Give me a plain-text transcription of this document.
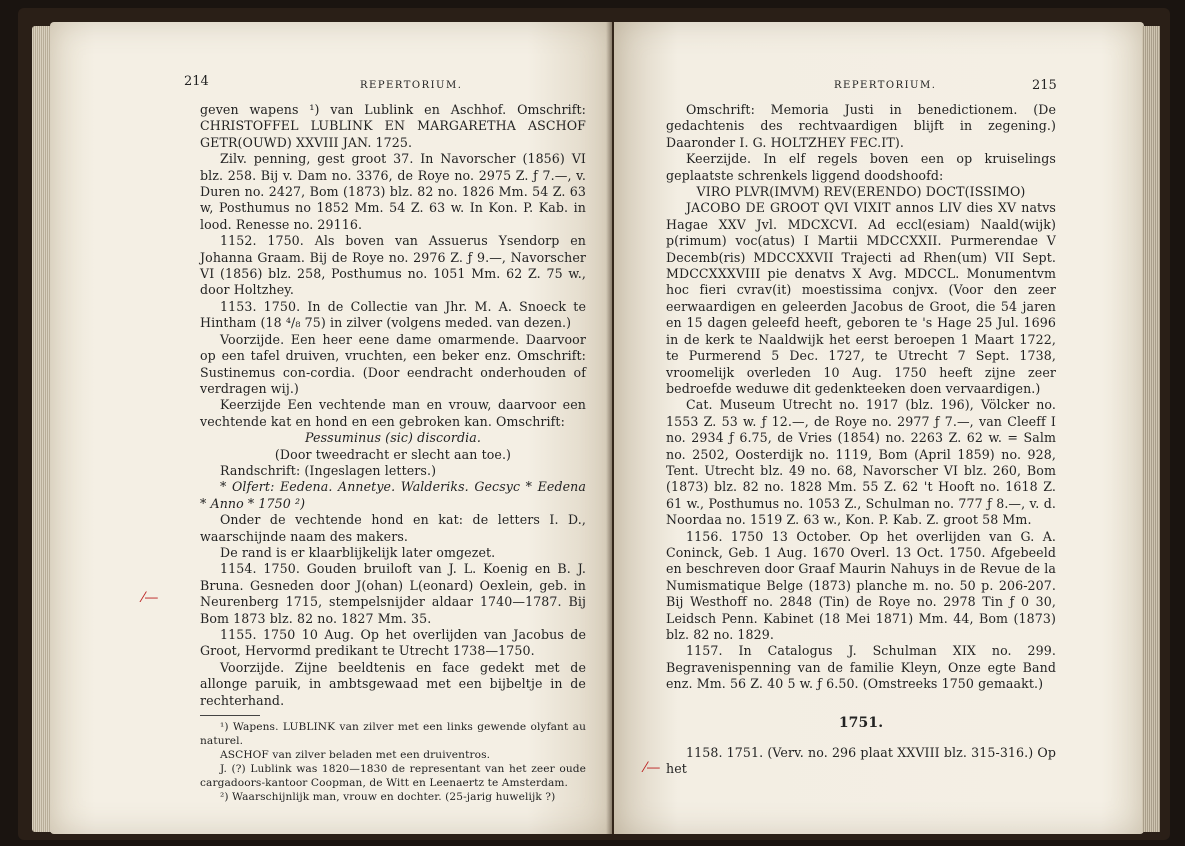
214	REPERTORIUM.

geven wapens ¹) van Lublink en Aschhof. Omschrift: CHRISTOFFEL LUBLINK EN MARGARETHA ASCHOF GETR(OUWD) XXVIII JAN. 1725.

Zilv. penning, gest groot 37. In Navorscher (1856) VI blz. 258. Bij v. Dam no. 3376, de Roye no. 2975 Z. ƒ 7.—, v. Duren no. 2427, Bom (1873) blz. 82 no. 1826 Mm. 54 Z. 63 w, Posthumus no 1852 Mm. 54 Z. 63 w. In Kon. P. Kab. in lood. Renesse no. 29116.

1152. 1750. Als boven van Assuerus Ysendorp en Johanna Graam. Bij de Roye no. 2976 Z. ƒ 9.—, Navorscher VI (1856) blz. 258, Posthumus no. 1051 Mm. 62 Z. 75 w., door Holtzhey.

1153. 1750. In de Collectie van Jhr. M. A. Snoeck te Hintham (18 ⁴/₈ 75) in zilver (volgens meded. van dezen.)

Voorzijde. Een heer eene dame omarmende. Daarvoor op een tafel druiven, vruchten, een beker enz. Omschrift: Sustinemus con-cordia. (Door eendracht onderhouden of verdragen wij.)

Keerzijde Een vechtende man en vrouw, daarvoor een vechtende kat en hond en een gebroken kan. Omschrift:

Pessuminus (sic) discordia.

(Door tweedracht er slecht aan toe.)

Randschrift: (Ingeslagen letters.)

* Olfert: Eedena. Annetye. Walderiks. Gecsyc * Eedena * Anno * 1750 ²)

Onder de vechtende hond en kat: de letters I. D., waarschijnde naam des makers.

De rand is er klaarblijkelijk later omgezet.

1154. 1750. Gouden bruiloft van J. L. Koenig en B. J. Bruna. Gesneden door J(ohan) L(eonard) Oexlein, geb. in Neurenberg 1715, stempelsnijder aldaar 1740—1787. Bij Bom 1873 blz. 82 no. 1827 Mm. 35.

1155. 1750 10 Aug. Op het overlijden van Jacobus de Groot, Hervormd predikant te Utrecht 1738—1750.

Voorzijde. Zijne beeldtenis en face gedekt met de allonge paruik, in ambtsgewaad met een bijbeltje in de rechterhand.

¹) Wapens. LUBLINK van zilver met een links gewende olyfant au naturel.

ASCHOF van zilver beladen met een druiventros.

J. (?) Lublink was 1820—1830 de representant van het zeer oude cargadoors-kantoor Coopman, de Witt en Leenaertz te Amsterdam.

²) Waarschijnlijk man, vrouw en dochter. (25-jarig huwelijk ?)

⁄—
REPERTORIUM.	215

Omschrift: Memoria Justi in benedictionem. (De gedachtenis des rechtvaardigen blijft in zegening.) Daaronder I. G. HOLTZHEY FEC.IT).

Keerzijde. In elf regels boven een op kruiselings geplaatste schrenkels liggend doodshoofd:

VIRO PLVR(IMVM) REV(ERENDO) DOCT(ISSIMO)

JACOBO DE GROOT QVI VIXIT annos LIV dies XV natvs Hagae XXV Jvl. MDCXCVI. Ad eccl(esiam) Naald(wijk) p(rimum) voc(atus) I Martii MDCCXXII. Purmerendae V Decemb(ris) MDCCXXVII Trajecti ad Rhen(um) VII Sept. MDCCXXXVIII pie denatvs X Avg. MDCCL. Monumentvm hoc fieri cvrav(it) moestissima conjvx. (Voor den zeer eerwaardigen en geleerden Jacobus de Groot, die 54 jaren en 15 dagen geleefd heeft, geboren te 's Hage 25 Jul. 1696 in de kerk te Naaldwijk het eerst beroepen 1 Maart 1722, te Purmerend 5 Dec. 1727, te Utrecht 7 Sept. 1738, vroomelijk overleden 10 Aug. 1750 heeft zijne zeer bedroefde weduwe dit gedenkteeken doen vervaardigen.)

Cat. Museum Utrecht no. 1917 (blz. 196), Völcker no. 1553 Z. 53 w. ƒ 12.—, de Roye no. 2977 ƒ 7.—, van Cleeff I no. 2934 ƒ 6.75, de Vries (1854) no. 2263 Z. 62 w. = Salm no. 2502, Oosterdijk no. 1119, Bom (April 1859) no. 928, Tent. Utrecht blz. 49 no. 68, Navorscher VI blz. 260, Bom (1873) blz. 82 no. 1828 Mm. 55 Z. 62 't Hooft no. 1618 Z. 61 w., Posthumus no. 1053 Z., Schulman no. 777 ƒ 8.—, v. d. Noordaa no. 1519 Z. 63 w., Kon. P. Kab. Z. groot 58 Mm.

1156. 1750 13 October. Op het overlijden van G. A. Coninck, Geb. 1 Aug. 1670 Overl. 13 Oct. 1750. Afgebeeld en beschreven door Graaf Maurin Nahuys in de Revue de la Numismatique Belge (1873) planche m. no. 50 p. 206-207. Bij Westhoff no. 2848 (Tin) de Roye no. 2978 Tin ƒ 0 30, Leidsch Penn. Kabinet (18 Mei 1871) Mm. 44, Bom (1873) blz. 82 no. 1829.

1157. In Catalogus J. Schulman XIX no. 299. Begravenispenning van de familie Kleyn, Onze egte Band enz. Mm. 56 Z. 40 5 w. ƒ 6.50. (Omstreeks 1750 gemaakt.)

1751.

1158. 1751. (Verv. no. 296 plaat XXVIII blz. 315-316.) Op het

⁄—
